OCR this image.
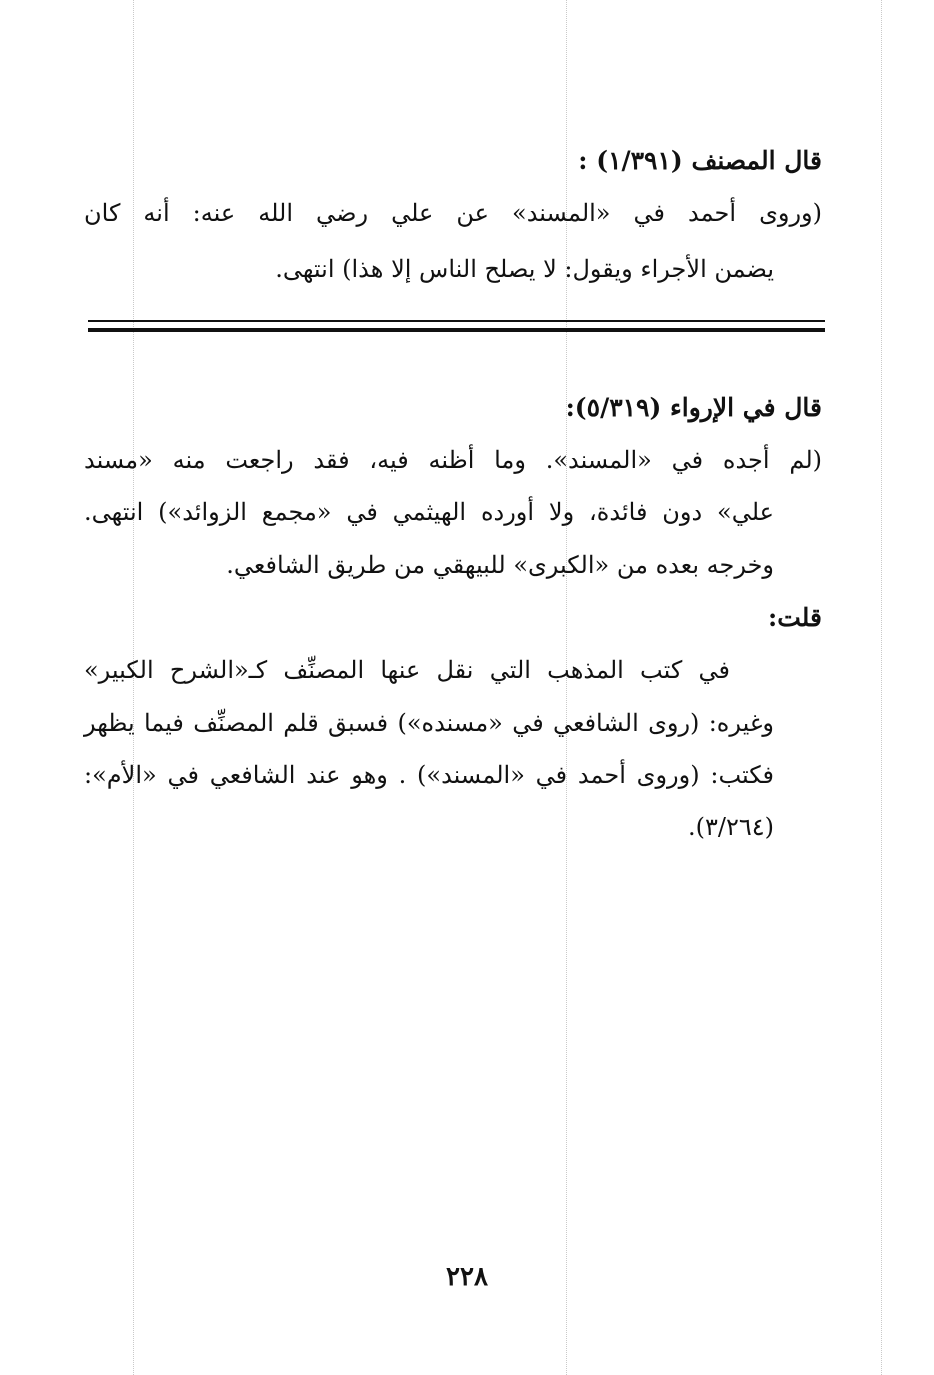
قال المصنف (١/٣٩١) :
(وروى أحمد في «المسند» عن علي رضي الله عنه: أنه كان
يضمن الأجراء ويقول: لا يصلح الناس إلا هذا) انتهى.
قال في الإرواء (٥/٣١٩):
(لم أجده في «المسند». وما أظنه فيه، فقد راجعت منه «مسند
علي» دون فائدة، ولا أورده الهيثمي في «مجمع الزوائد») انتهى.
وخرجه بعده من «الكبرى» للبيهقي من طريق الشافعي.
قلت:
في كتب المذهب التي نقل عنها المصنِّف كـ«الشرح الكبير»
وغيره: (روى الشافعي في «مسنده») فسبق قلم المصنِّف فيما يظهر
فكتب: (وروى أحمد في «المسند») . وهو عند الشافعي في «الأم»:
(٣/٢٦٤).
٢٢٨
